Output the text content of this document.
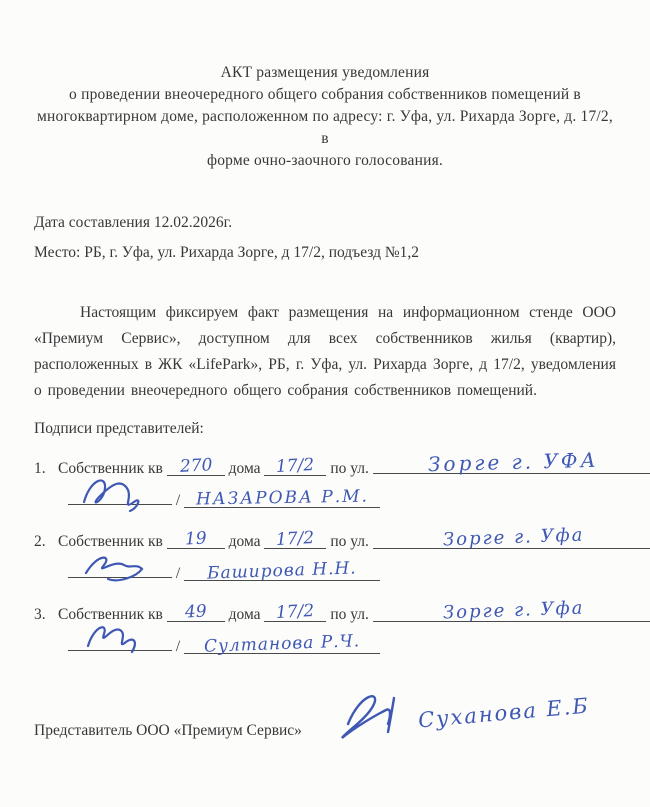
АКТ размещения уведомления
о проведении внеочередного общего собрания собственников помещений в
многоквартирном доме, расположенном по адресу: г. Уфа, ул. Рихарда Зорге, д. 17/2, в
форме очно-заочного голосования.
Дата составления 12.02.2026г.
Место: РБ, г. Уфа, ул. Рихарда Зорге, д 17/2, подъезд №1,2
Настоящим фиксируем факт размещения на информационном стенде ООО «Премиум Сервис», доступном для всех собственников жилья (квартир), расположенных в ЖК «LifePark», РБ, г. Уфа, ул. Рихарда Зорге, д 17/2, уведомления о проведении внеочередного общего собрания собственников помещений.
Подписи представителей:
1. Собственник кв 270 дома 17/2 по ул.	Зорге г. УФА
/ НАЗАРОВА Р.М.
2. Собственник кв 19 дома 17/2 по ул.	Зорге г. Уфа
/ Баширова Н.Н.
3. Собственник кв 49 дома 17/2 по ул.	Зорге г. Уфа
/ Султанова Р.Ч.
Представитель ООО «Премиум Сервис»	Суханова Е.Б
